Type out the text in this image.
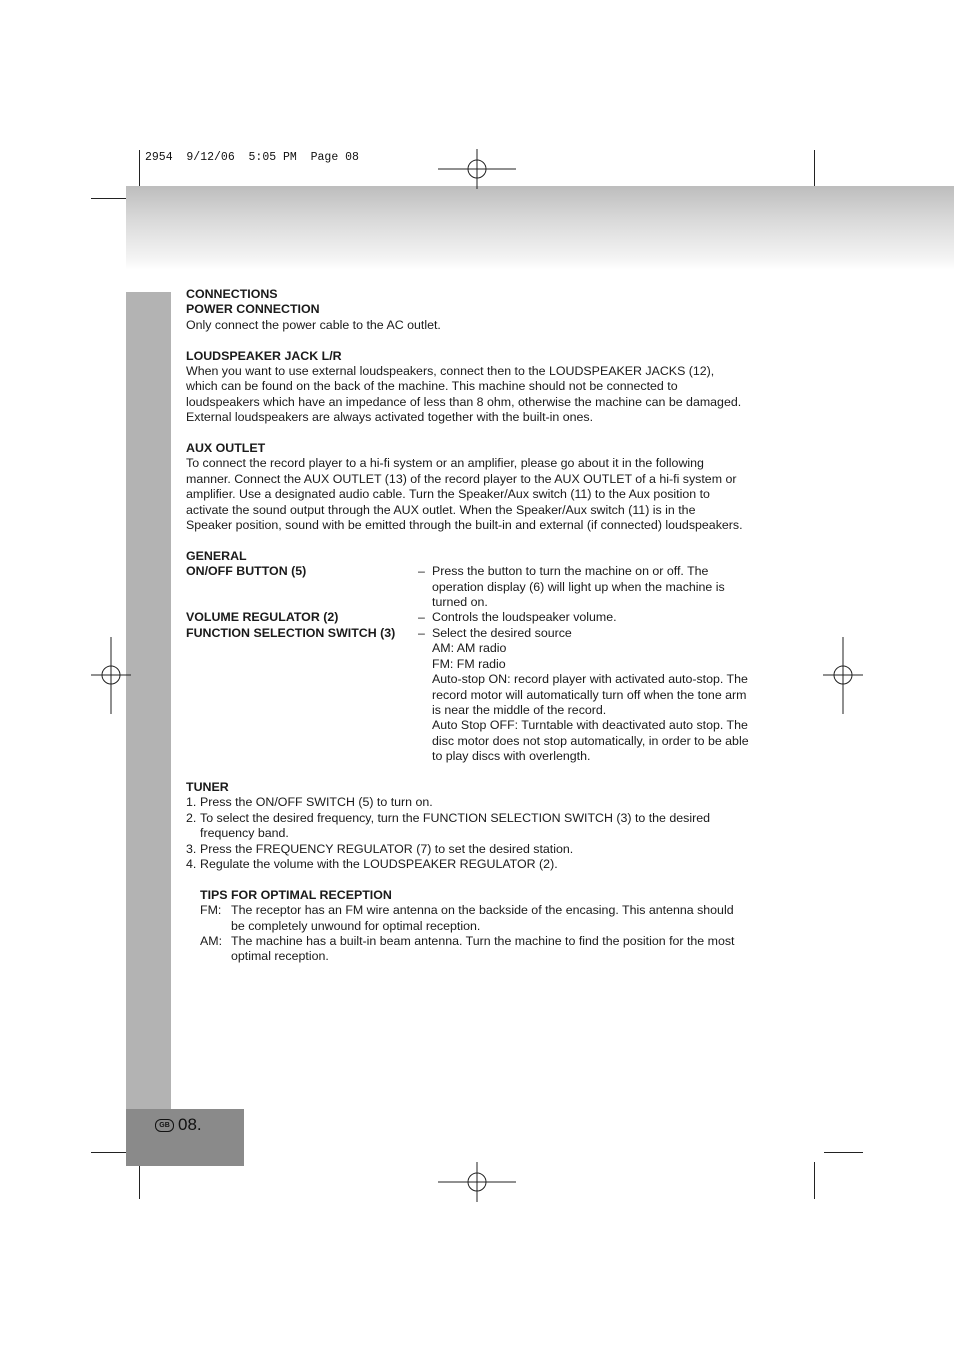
2954  9/12/06  5:05 PM  Page 08
GB 08.

CONNECTIONS

POWER CONNECTION

Only connect the power cable to the AC outlet.

LOUDSPEAKER JACK L/R

When you want to use external loudspeakers, connect then to the LOUDSPEAKER JACKS (12),

which can be found on the back of the machine. This machine should not be connected to

loudspeakers which have an impedance of less than 8 ohm, otherwise the machine can be damaged.

External loudspeakers are always activated together with the built-in ones.

AUX OUTLET

To connect the record player to a hi-fi system or an amplifier, please go about it in the following

manner. Connect the AUX OUTLET (13) of the record player to the AUX OUTLET of a hi-fi system or

amplifier. Use a designated audio cable. Turn the Speaker/Aux switch (11) to the Aux position to

activate the sound output through the AUX outlet. When the Speaker/Aux switch (11) is in the

Speaker position, sound with be emitted through the built-in and external (if connected) loudspeakers.

GENERAL

ON/OFF BUTTON (5)	– Press the button to turn the machine on or off. The

operation display (6) will light up when the machine is

turned on.

VOLUME REGULATOR (2)	– Controls the loudspeaker volume.

FUNCTION SELECTION SWITCH (3)	– Select the desired source

AM: AM radio

FM: FM radio

Auto-stop ON: record player with activated auto-stop. The

record motor will automatically turn off when the tone arm

is near the middle of the record.

Auto Stop OFF: Turntable with deactivated auto stop. The

disc motor does not stop automatically, in order to be able

to play discs with overlength.

TUNER

1. Press the ON/OFF SWITCH (5) to turn on.

2. To select the desired frequency, turn the FUNCTION SELECTION SWITCH (3) to the desired

frequency band.

3. Press the FREQUENCY REGULATOR (7) to set the desired station.

4. Regulate the volume with the LOUDSPEAKER REGULATOR (2).

TIPS FOR OPTIMAL RECEPTION

FM: The receptor has an FM wire antenna on the backside of the encasing. This antenna should

be completely unwound for optimal reception.

AM: The machine has a built-in beam antenna. Turn the machine to find the position for the most

optimal reception.
